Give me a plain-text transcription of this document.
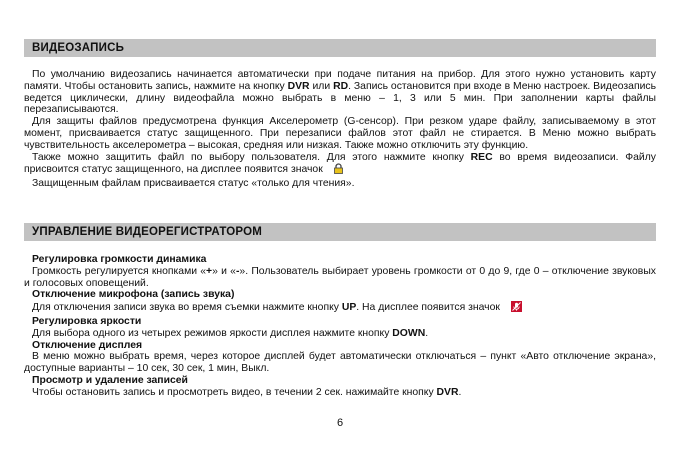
ВИДЕОЗАПИСЬ

По умолчанию видеозапись начинается автоматически при подаче питания на прибор. Для этого нужно установить карту памяти. Чтобы остановить запись, нажмите на кнопку DVR или RD. Запись остановится при входе в Меню настроек. Видеозапись ведется циклически, длину видеофайла можно выбрать в меню – 1, 3 или 5 мин. При заполнении карты файлы перезаписываются.

Для защиты файлов предусмотрена функция Акселерометр (G-сенсор). При резком ударе файлу, записываемому в этот момент, присваивается статус защищенного. При перезаписи файлов этот файл не стирается. В Меню можно выбрать чувствительность акселерометра – высокая, средняя или низкая. Также можно отключить эту функцию.

Также можно защитить файл по выбору пользователя. Для этого нажмите кнопку REC во время видеозаписи. Файлу присвоится статус защищенного, на дисплее появится значок

Защищенным файлам присваивается статус «только для чтения».

УПРАВЛЕНИЕ ВИДЕОРЕГИСТРАТОРОМ

Регулировка громкости динамика

Громкость регулируется кнопками «+» и «-». Пользователь выбирает уровень громкости от 0 до 9, где 0 – отключение звуковых и голосовых оповещений.

Отключение микрофона (запись звука)

Для отключения записи звука во время съемки нажмите кнопку UP. На дисплее появится значок

Регулировка яркости

Для выбора одного из четырех режимов яркости дисплея нажмите кнопку DOWN.

Отключение дисплея

В меню можно выбрать время, через которое дисплей будет автоматически отключаться – пункт «Авто отключение экрана», доступные варианты – 10 сек, 30 сек, 1 мин, Выкл.

Просмотр и удаление записей

Чтобы остановить запись и просмотреть видео, в течении 2 сек. нажимайте кнопку DVR.

6
